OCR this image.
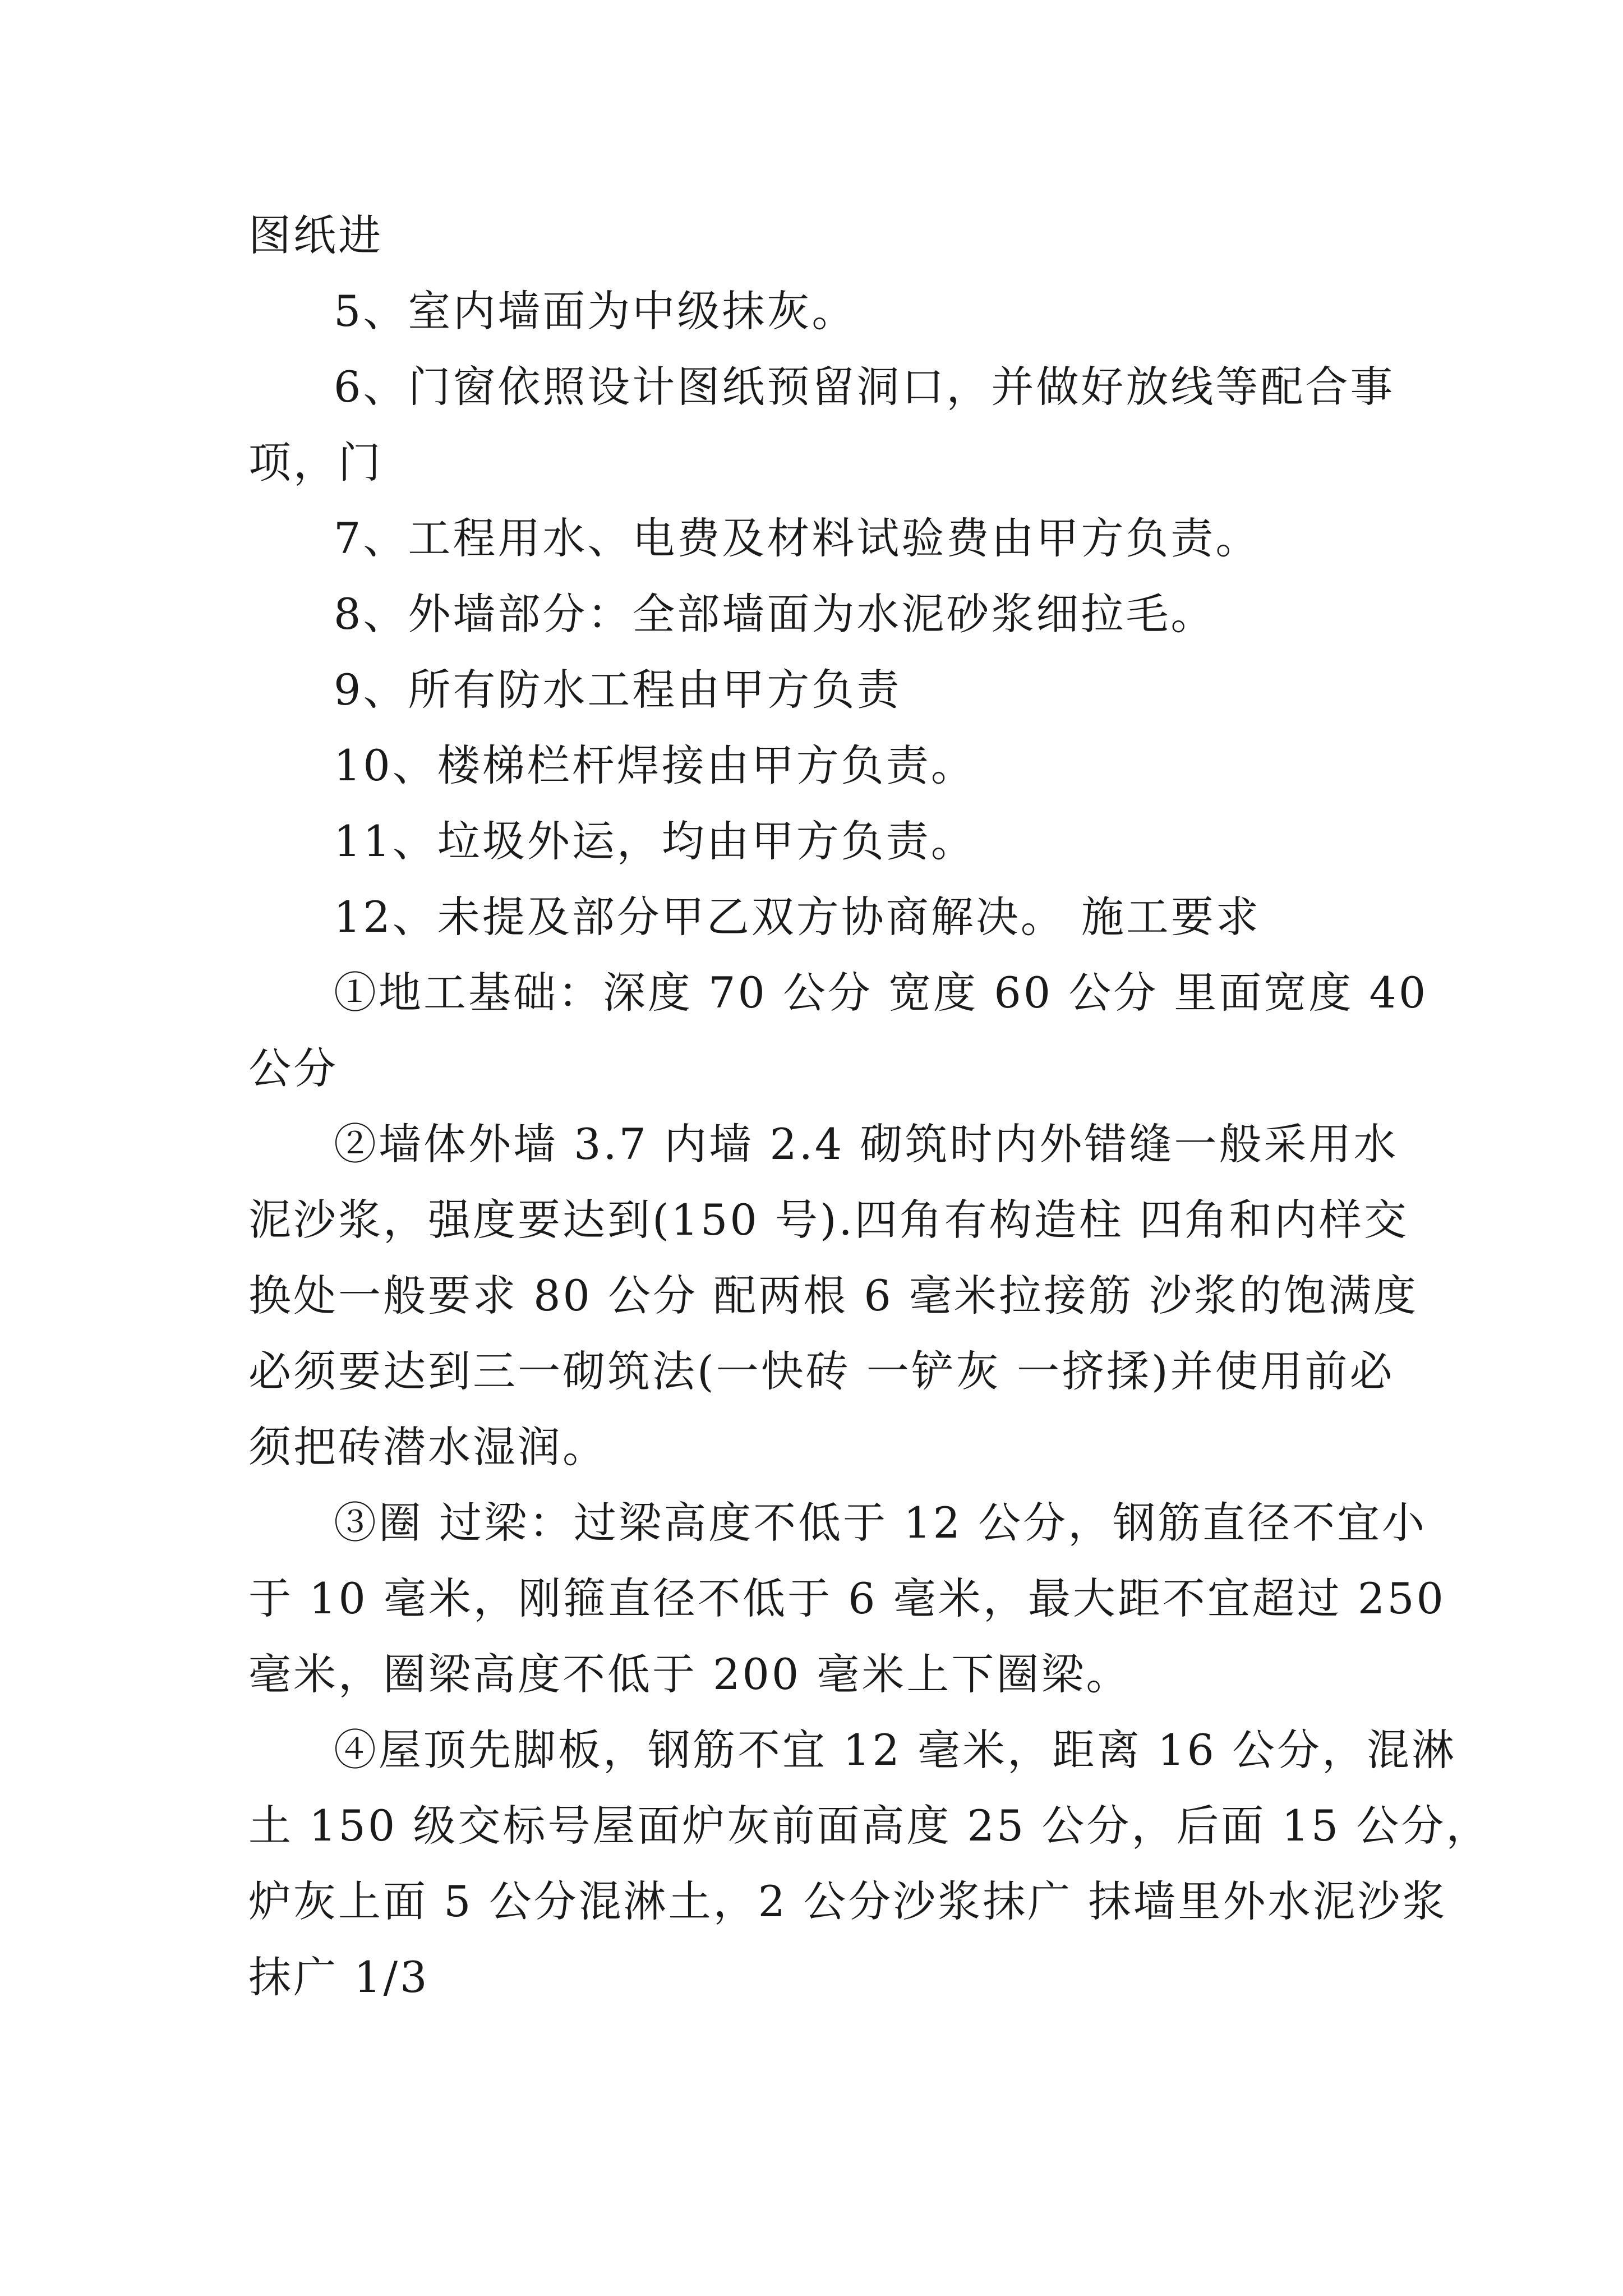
图纸进
5、室内墙面为中级抹灰。
6、门窗依照设计图纸预留洞口，并做好放线等配合事
项，门
7、工程用水、电费及材料试验费由甲方负责。
8、外墙部分：全部墙面为水泥砂浆细拉毛。
9、所有防水工程由甲方负责
10、楼梯栏杆焊接由甲方负责。
11、垃圾外运，均由甲方负责。
12、未提及部分甲乙双方协商解决。 施工要求
①地工基础：深度 70 公分 宽度 60 公分 里面宽度 40
公分
②墙体外墙 3.7 内墙 2.4 砌筑时内外错缝一般采用水
泥沙浆，强度要达到(150 号).四角有构造柱 四角和内样交
换处一般要求 80 公分 配两根 6 毫米拉接筋 沙浆的饱满度
必须要达到三一砌筑法(一快砖 一铲灰 一挤揉)并使用前必
须把砖潜水湿润。
③圈 过梁：过梁高度不低于 12 公分，钢筋直径不宜小
于 10 毫米，刚箍直径不低于 6 毫米，最大距不宜超过 250
毫米，圈梁高度不低于 200 毫米上下圈梁。
④屋顶先脚板，钢筋不宜 12 毫米，距离 16 公分，混淋
土 150 级交标号屋面炉灰前面高度 25 公分，后面 15 公分，
炉灰上面 5 公分混淋土，2 公分沙浆抹广 抹墙里外水泥沙浆
抹广 1/3
